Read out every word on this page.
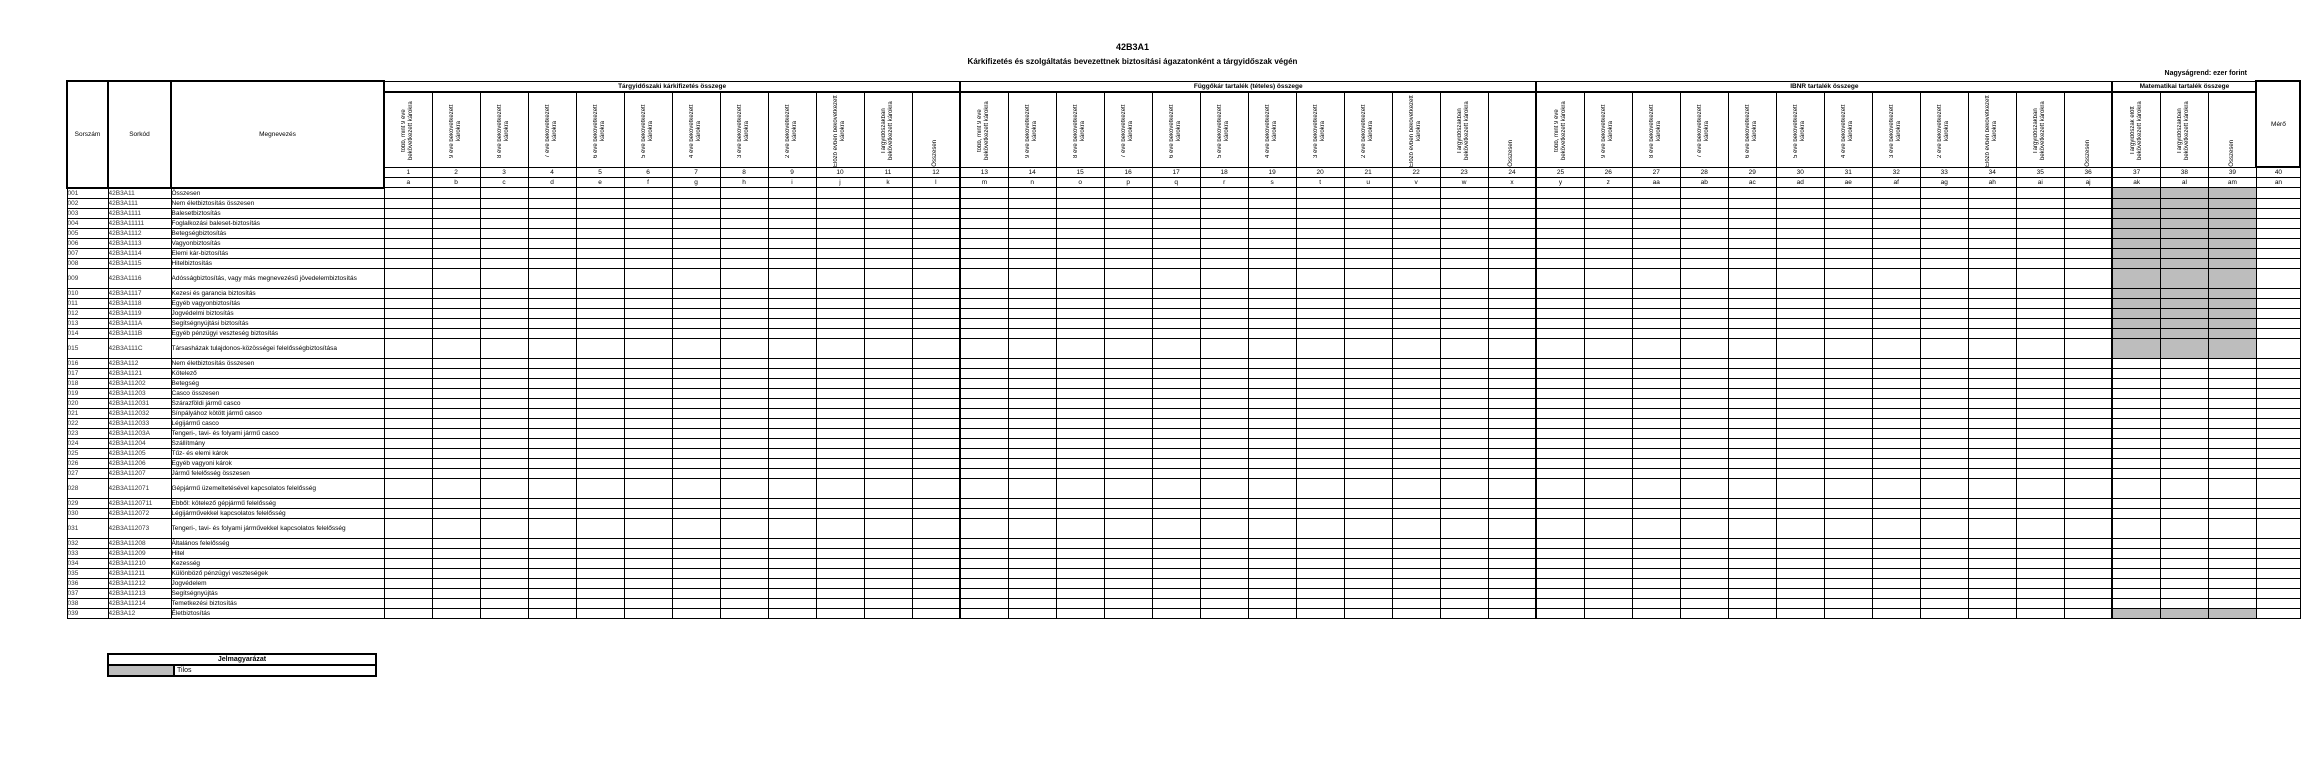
42B3A1
Kárkifizetés és szolgáltatás bevezettnek biztosítási ágazatonként a tárgyidőszak végén
Nagyságrend: ezer forint
Sorszám	Sorkód	Megnevezés	Tárgyidőszaki kárkifizetés összege												Függőkár tartalék (tételes) összege												IBNR tartalék összege												Matematikai tartalék összege			Mérő

			több, mint 9 éve bekövetkezett károkra	9 éve bekövetkezett károkra	8 éve bekövetkezett károkra	7 éve bekövetkezett károkra	6 éve bekövetkezett károkra	5 éve bekövetkezett károkra	4 éve bekövetkezett károkra	3 éve bekövetkezett károkra	2 éve bekövetkezett károkra	Előző évben bekövetkezett károkra	Tárgyidőszakban bekövetkezett károkra	Összesen	több, mint 9 éve bekövetkezett károkra	9 éve bekövetkezett károkra	8 éve bekövetkezett károkra	7 éve bekövetkezett károkra	6 éve bekövetkezett károkra	5 éve bekövetkezett károkra	4 éve bekövetkezett károkra	3 éve bekövetkezett károkra	2 éve bekövetkezett károkra	Előző évben bekövetkezett károkra	Tárgyidőszakban bekövetkezett károkra	Összesen	több, mint 9 éve bekövetkezett károkra	9 éve bekövetkezett károkra	8 éve bekövetkezett károkra	7 éve bekövetkezett károkra	6 éve bekövetkezett károkra	5 éve bekövetkezett károkra	4 éve bekövetkezett károkra	3 éve bekövetkezett károkra	2 éve bekövetkezett károkra	Előző évben bekövetkezett károkra	Tárgyidőszakban bekövetkezett károkra	Összesen	Tárgyidőszak előtt bekövetkezett károkra	Tárgyidőszakban bekövetkezett károkra	Összesen	

			1	2	3	4	5	6	7	8	9	10	11	12	13	14	15	16	17	18	19	20	21	22	23	24	25	26	27	28	29	30	31	32	33	34	35	36	37	38	39	40
			a	b	c	d	e	f	g	h	i	j	k	l	m	n	o	p	q	r	s	t	u	v	w	x	y	z	aa	ab	ac	ad	ae	af	ag	ah	ai	aj	ak	al	am	an
001	42B3A11	Összesen																																								
002	42B3A111	Nem életbiztosítás összesen																																								
003	42B3A1111	Balesetbiztosítás																																								
004	42B3A11111	Foglalkozási baleset-biztosítás																																								
005	42B3A1112	Betegségbiztosítás																																								
006	42B3A1113	Vagyonbiztosítás																																								
007	42B3A1114	Elemi kár-biztosítás																																								
008	42B3A1115	Hitelbiztosítás																																								
009	42B3A1116	Adósságbiztosítás, vagy más megnevezésű jövedelembiztosítás																																								
010	42B3A1117	Kezesi és garancia biztosítás																																								
011	42B3A1118	Egyéb vagyonbiztosítás																																								
012	42B3A1119	Jogvédelmi biztosítás																																								
013	42B3A111A	Segítségnyújtási biztosítás																																								
014	42B3A111B	Egyéb pénzügyi veszteség biztosítás																																								
015	42B3A111C	Társasházak tulajdonos-közösségei felelősségbiztosítása																																								
016	42B3A112	Nem életbiztosítás összesen																																								
017	42B3A1121	Kötelező																																								
018	42B3A11202	Betegség																																								
019	42B3A11203	Casco összesen																																								
020	42B3A112031	Szárazföldi jármű casco																																								
021	42B3A112032	Sínpályához kötött jármű casco																																								
022	42B3A112033	Légijármű casco																																								
023	42B3A11203A	Tengeri-, tavi- és folyami jármű casco																																								
024	42B3A11204	Szállítmány																																								
025	42B3A11205	Tűz- és elemi károk																																								
026	42B3A11206	Egyéb vagyoni károk																																								
027	42B3A11207	Jármű felelősség összesen																																								
028	42B3A112071	Gépjármű üzemeltetésével kapcsolatos felelősség																																								
029	42B3A1120711	Ebből: kötelező gépjármű felelősség																																								
030	42B3A112072	Légijárművekkel kapcsolatos felelősség																																								
031	42B3A112073	Tengeri-, tavi- és folyami járművekkel kapcsolatos felelősség																																								
032	42B3A11208	Általános felelősség																																								
033	42B3A11209	Hitel																																								
034	42B3A11210	Kezesség																																								
035	42B3A11211	Különböző pénzügyi veszteségek																																								
036	42B3A11212	Jogvédelem																																								
037	42B3A11213	Segítségnyújtás																																								
038	42B3A11214	Temetkezési biztosítás																																								
039	42B3A12	Életbiztosítás																																								
Jelmagyarázat
	Tilos
